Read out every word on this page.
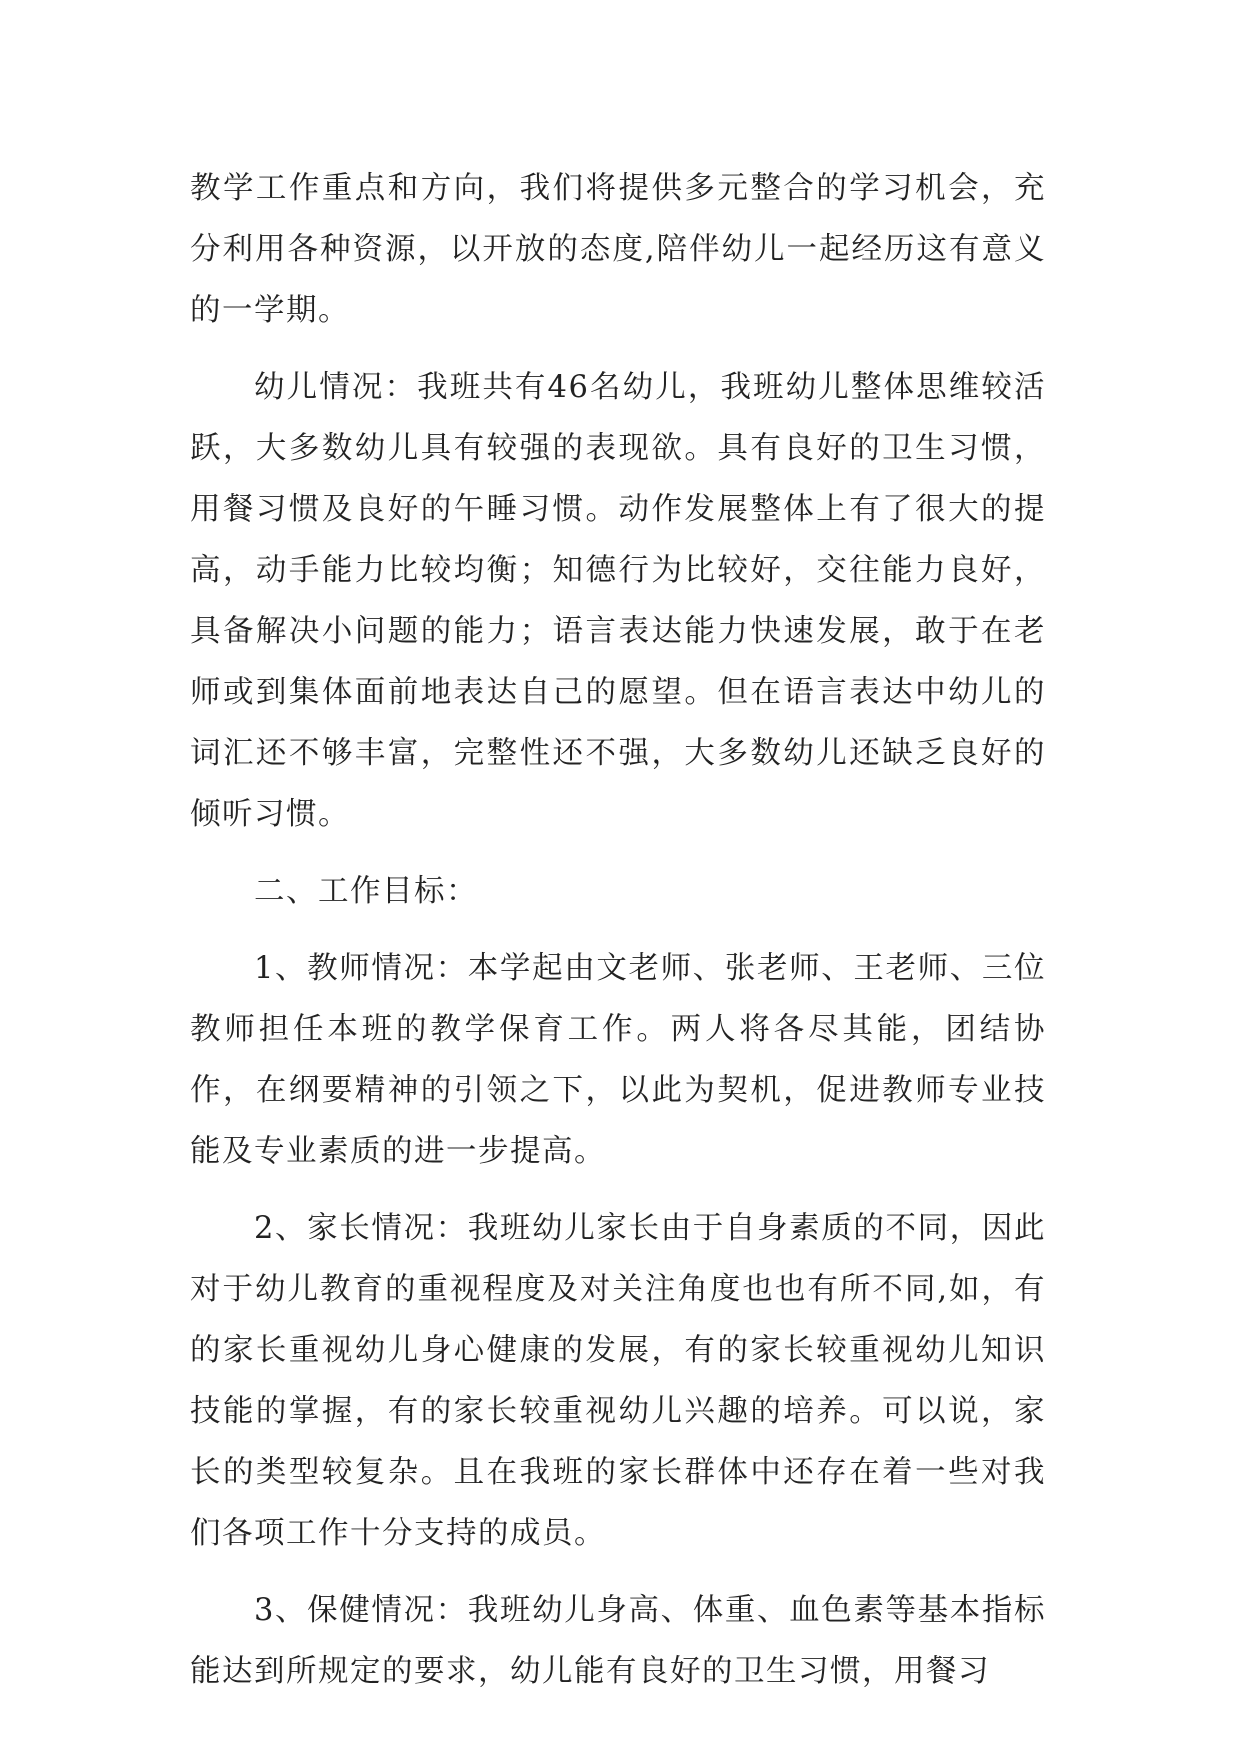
教学工作重点和方向，我们将提供多元整合的学习机会，充分利用各种资源，以开放的态度,陪伴幼儿一起经历这有意义的一学期。

幼儿情况：我班共有46名幼儿，我班幼儿整体思维较活跃，大多数幼儿具有较强的表现欲。具有良好的卫生习惯，用餐习惯及良好的午睡习惯。动作发展整体上有了很大的提高，动手能力比较均衡；知德行为比较好，交往能力良好，具备解决小问题的能力；语言表达能力快速发展，敢于在老师或到集体面前地表达自己的愿望。但在语言表达中幼儿的词汇还不够丰富，完整性还不强，大多数幼儿还缺乏良好的倾听习惯。

二、工作目标：

1、教师情况：本学起由文老师、张老师、王老师、三位教师担任本班的教学保育工作。两人将各尽其能，团结协作，在纲要精神的引领之下，以此为契机，促进教师专业技能及专业素质的进一步提高。

2、家长情况：我班幼儿家长由于自身素质的不同，因此对于幼儿教育的重视程度及对关注角度也也有所不同,如，有的家长重视幼儿身心健康的发展，有的家长较重视幼儿知识技能的掌握，有的家长较重视幼儿兴趣的培养。可以说，家长的类型较复杂。且在我班的家长群体中还存在着一些对我们各项工作十分支持的成员。

3、保健情况：我班幼儿身高、体重、血色素等基本指标能达到所规定的要求，幼儿能有良好的卫生习惯，用餐习
